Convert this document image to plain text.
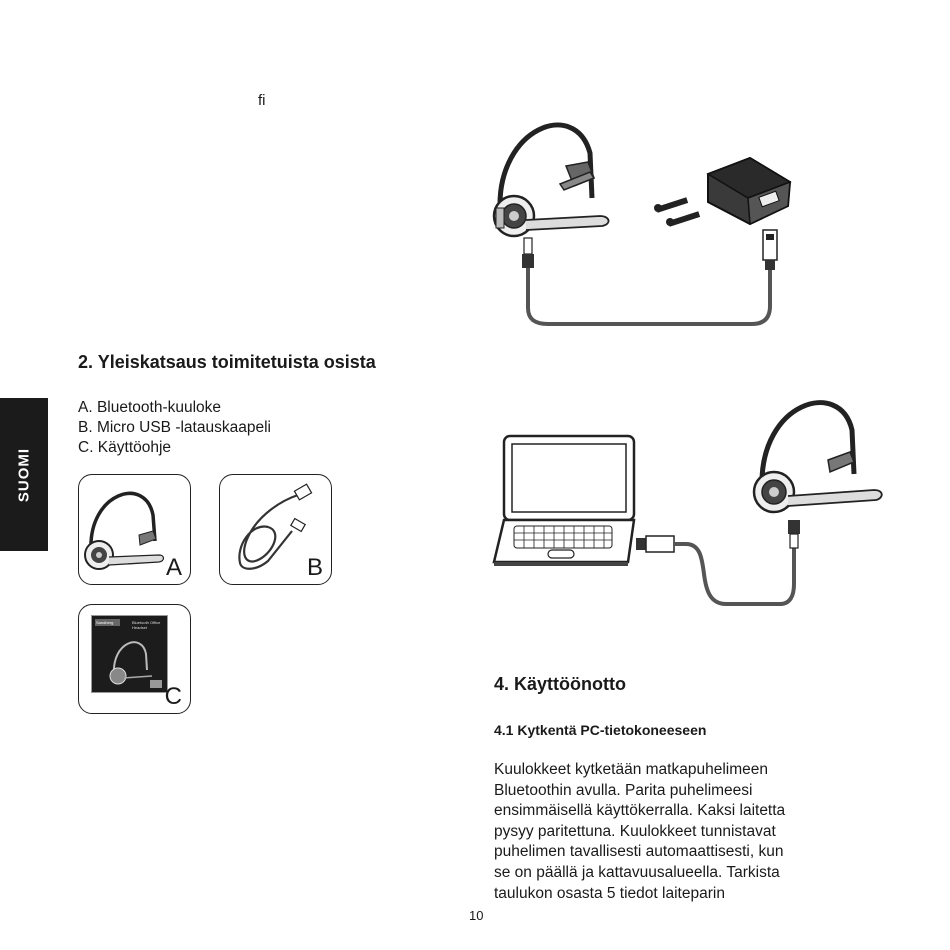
fi
SUOMI
2. Yleiskatsaus toimitetuista osista
A. Bluetooth-kuuloke
B. Micro USB -latauskaapeli
C. Käyttöohje
A	B
Sandberg	Bluetooth Office Headset
C	4. Käyttöönotto
4.1 Kytkentä PC-tietokoneeseen
Kuulokkeet kytketään matkapuhelimeen
Bluetoothin avulla. Parita puhelimeesi
ensimmäisellä käyttökerralla. Kaksi laitetta
pysyy paritettuna. Kuulokkeet tunnistavat
puhelimen tavallisesti automaattisesti, kun
se on päällä ja kattavuusalueella. Tarkista
taulukon osasta 5 tiedot laiteparin
10
